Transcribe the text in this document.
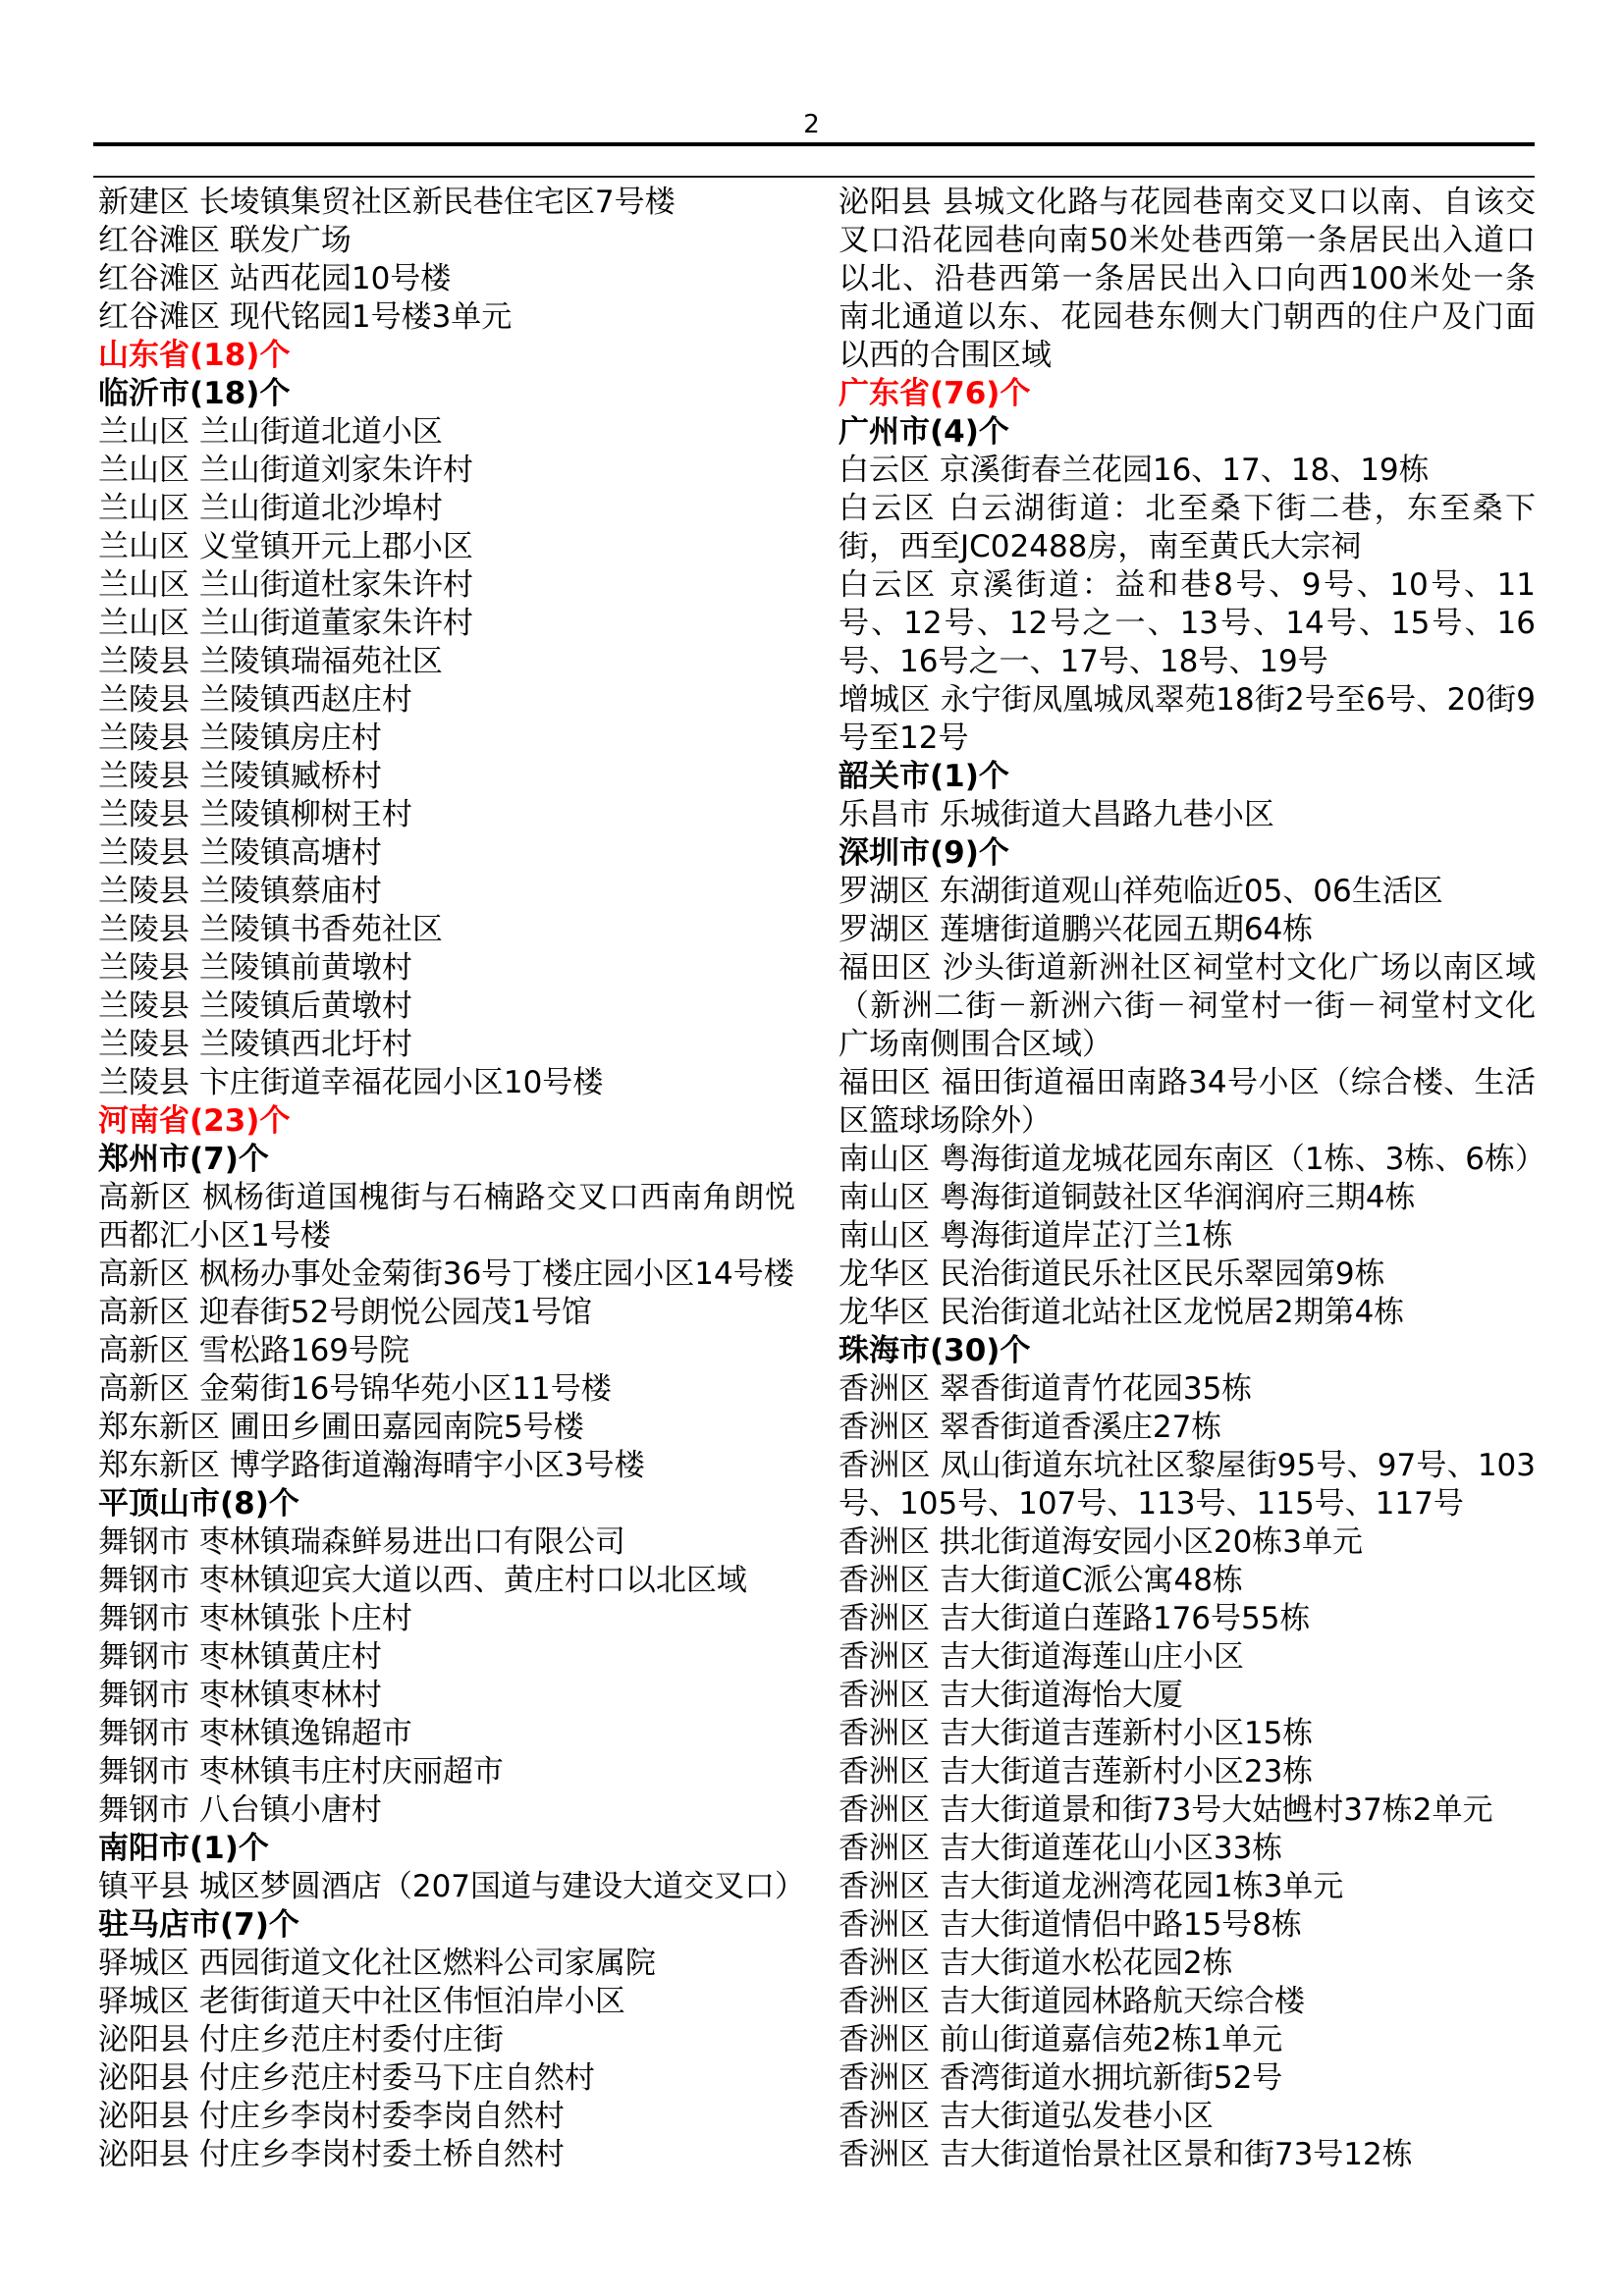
2

新建区 长堎镇集贸社区新民巷住宅区7号楼

红谷滩区 联发广场

红谷滩区 站西花园10号楼

红谷滩区 现代铭园1号楼3单元

山东省(18)个

临沂市(18)个

兰山区 兰山街道北道小区

兰山区 兰山街道刘家朱许村

兰山区 兰山街道北沙埠村

兰山区 义堂镇开元上郡小区

兰山区 兰山街道杜家朱许村

兰山区 兰山街道董家朱许村

兰陵县 兰陵镇瑞福苑社区

兰陵县 兰陵镇西赵庄村

兰陵县 兰陵镇房庄村

兰陵县 兰陵镇臧桥村

兰陵县 兰陵镇柳树王村

兰陵县 兰陵镇高塘村

兰陵县 兰陵镇蔡庙村

兰陵县 兰陵镇书香苑社区

兰陵县 兰陵镇前黄墩村

兰陵县 兰陵镇后黄墩村

兰陵县 兰陵镇西北圩村

兰陵县 卞庄街道幸福花园小区10号楼

河南省(23)个

郑州市(7)个

高新区 枫杨街道国槐街与石楠路交叉口西南角朗悦西都汇小区1号楼

高新区 枫杨办事处金菊街36号丁楼庄园小区14号楼

高新区 迎春街52号朗悦公园茂1号馆

高新区 雪松路169号院

高新区 金菊街16号锦华苑小区11号楼

郑东新区 圃田乡圃田嘉园南院5号楼

郑东新区 博学路街道瀚海晴宇小区3号楼

平顶山市(8)个

舞钢市 枣林镇瑞森鲜易进出口有限公司

舞钢市 枣林镇迎宾大道以西、黄庄村口以北区域

舞钢市 枣林镇张卜庄村

舞钢市 枣林镇黄庄村

舞钢市 枣林镇枣林村

舞钢市 枣林镇逸锦超市

舞钢市 枣林镇韦庄村庆丽超市

舞钢市 八台镇小唐村

南阳市(1)个

镇平县 城区梦圆酒店（207国道与建设大道交叉口）

驻马店市(7)个

驿城区 西园街道文化社区燃料公司家属院

驿城区 老街街道天中社区伟恒泊岸小区

泌阳县 付庄乡范庄村委付庄街

泌阳县 付庄乡范庄村委马下庄自然村

泌阳县 付庄乡李岗村委李岗自然村

泌阳县 付庄乡李岗村委土桥自然村

泌阳县 县城文化路与花园巷南交叉口以南、自该交叉口沿花园巷向南50米处巷西第一条居民出入道口以北、沿巷西第一条居民出入口向西100米处一条南北通道以东、花园巷东侧大门朝西的住户及门面以西的合围区域

广东省(76)个

广州市(4)个

白云区 京溪街春兰花园16、17、18、19栋

白云区 白云湖街道：北至桑下街二巷，东至桑下街，西至JC02488房，南至黄氏大宗祠

白云区 京溪街道：益和巷8号、9号、10号、11号、12号、12号之一、13号、14号、15号、16号、16号之一、17号、18号、19号

增城区 永宁街凤凰城凤翠苑18街2号至6号、20街9号至12号

韶关市(1)个

乐昌市 乐城街道大昌路九巷小区

深圳市(9)个

罗湖区 东湖街道观山祥苑临近05、06生活区

罗湖区 莲塘街道鹏兴花园五期64栋

福田区 沙头街道新洲社区祠堂村文化广场以南区域（新洲二街－新洲六街－祠堂村一街－祠堂村文化广场南侧围合区域）

福田区 福田街道福田南路34号小区（综合楼、生活区篮球场除外）

南山区 粤海街道龙城花园东南区（1栋、3栋、6栋）

南山区 粤海街道铜鼓社区华润润府三期4栋

南山区 粤海街道岸芷汀兰1栋

龙华区 民治街道民乐社区民乐翠园第9栋

龙华区 民治街道北站社区龙悦居2期第4栋

珠海市(30)个

香洲区 翠香街道青竹花园35栋

香洲区 翠香街道香溪庄27栋

香洲区 凤山街道东坑社区黎屋街95号、97号、103号、105号、107号、113号、115号、117号

香洲区 拱北街道海安园小区20栋3单元

香洲区 吉大街道C派公寓48栋

香洲区 吉大街道白莲路176号55栋

香洲区 吉大街道海莲山庄小区

香洲区 吉大街道海怡大厦

香洲区 吉大街道吉莲新村小区15栋

香洲区 吉大街道吉莲新村小区23栋

香洲区 吉大街道景和街73号大姑乸村37栋2单元

香洲区 吉大街道莲花山小区33栋

香洲区 吉大街道龙洲湾花园1栋3单元

香洲区 吉大街道情侣中路15号8栋

香洲区 吉大街道水松花园2栋

香洲区 吉大街道园林路航天综合楼

香洲区 前山街道嘉信苑2栋1单元

香洲区 香湾街道水拥坑新街52号

香洲区 吉大街道弘发巷小区

香洲区 吉大街道怡景社区景和街73号12栋
